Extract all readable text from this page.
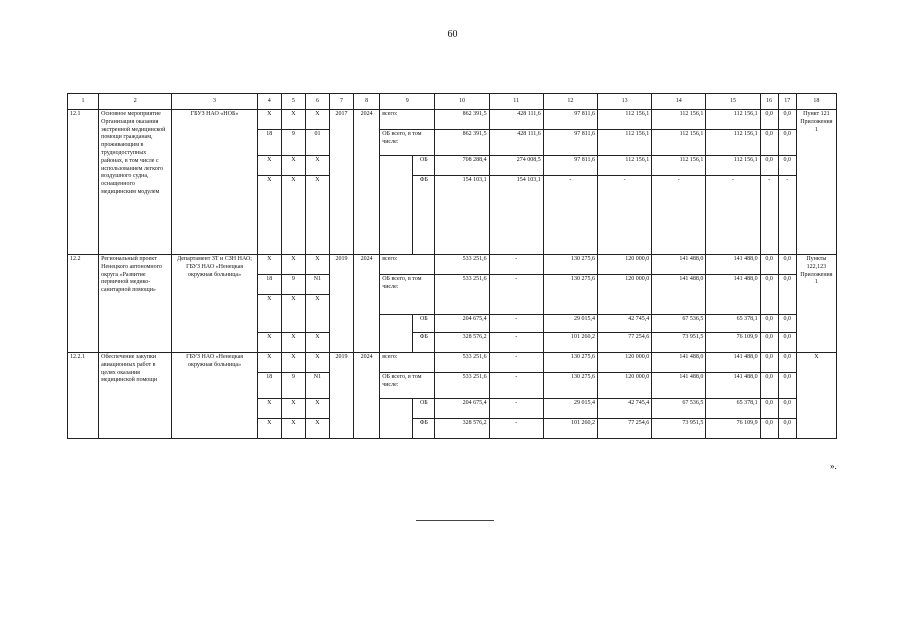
60
1	2	3	4	5	6	7	8	9		10	11	12	13	14	15	16	17	18
12.1	Основное мероприятие Организация оказания экстренной медицинской помощи гражданам, проживающим в труднодоступных районах, в том числе с использованием легкого воздушного судна, оснащенного медицинским модулем	ГБУЗ НАО «НОБ»	X	X	X	2017	2024	всего:		862 391,5	428 111,6	97 811,6	112 156,1	112 156,1	112 156,1	0,0	0,0	Пункт 121 Приложения 1
			18	9	01			ОБ всего, в том числе:		862 391,5	428 111,6	97 811,6	112 156,1	112 156,1	112 156,1	0,0	0,0	
			X	X	X				ОБ	708 288,4	274 008,5	97 811,6	112 156,1	112 156,1	112 156,1	0,0	0,0	
			X	X	X				ФБ	154 103,1	154 103,1	-	-	-	-	-	-	
12.2	Региональный проект Ненецкого автономного округа «Развитие первичной медико-санитарной помощи»	Департамент ЗТ и СЗН НАО; ГБУЗ НАО «Ненецкая окружная больница»	X	X	X	2019	2024	всего:		533 251,6	-	130 275,6	120 000,0	141 488,0	141 488,0	0,0	0,0	Пункты 122,123 Приложения 1
			18	9	N1			ОБ всего, в том числе:		533 251,6	-	130 275,6	120 000,0	141 488,0	141 488,0	0,0	0,0	
			X	X	X													
									ОБ	204 675,4	-	29 015,4	42 745,4	67 536,5	65 378,1	0,0	0,0	
			X	X	X				ФБ	328 576,2	-	101 260,2	77 254,6	73 951,5	76 109,9	0,0	0,0	
12.2.1	Обеспечение закупки авиационных работ в целях оказания медицинской помощи	ГБУЗ НАО «Ненецкая окружная больница»	X	X	X	2019	2024	всего:		533 251,6	-	130 275,6	120 000,0	141 488,0	141 488,0	0,0	0,0	X
			18	9	N1			ОБ всего, в том числе:		533 251,6	-	130 275,6	120 000,0	141 488,0	141 488,0	0,0	0,0	
			X	X	X				ОБ	204 675,4	-	29 015,4	42 745,4	67 536,5	65 378,1	0,0	0,0	
			X	X	X				ФБ	328 576,2	-	101 260,2	77 254,6	73 951,5	76 109,9	0,0	0,0	
».
